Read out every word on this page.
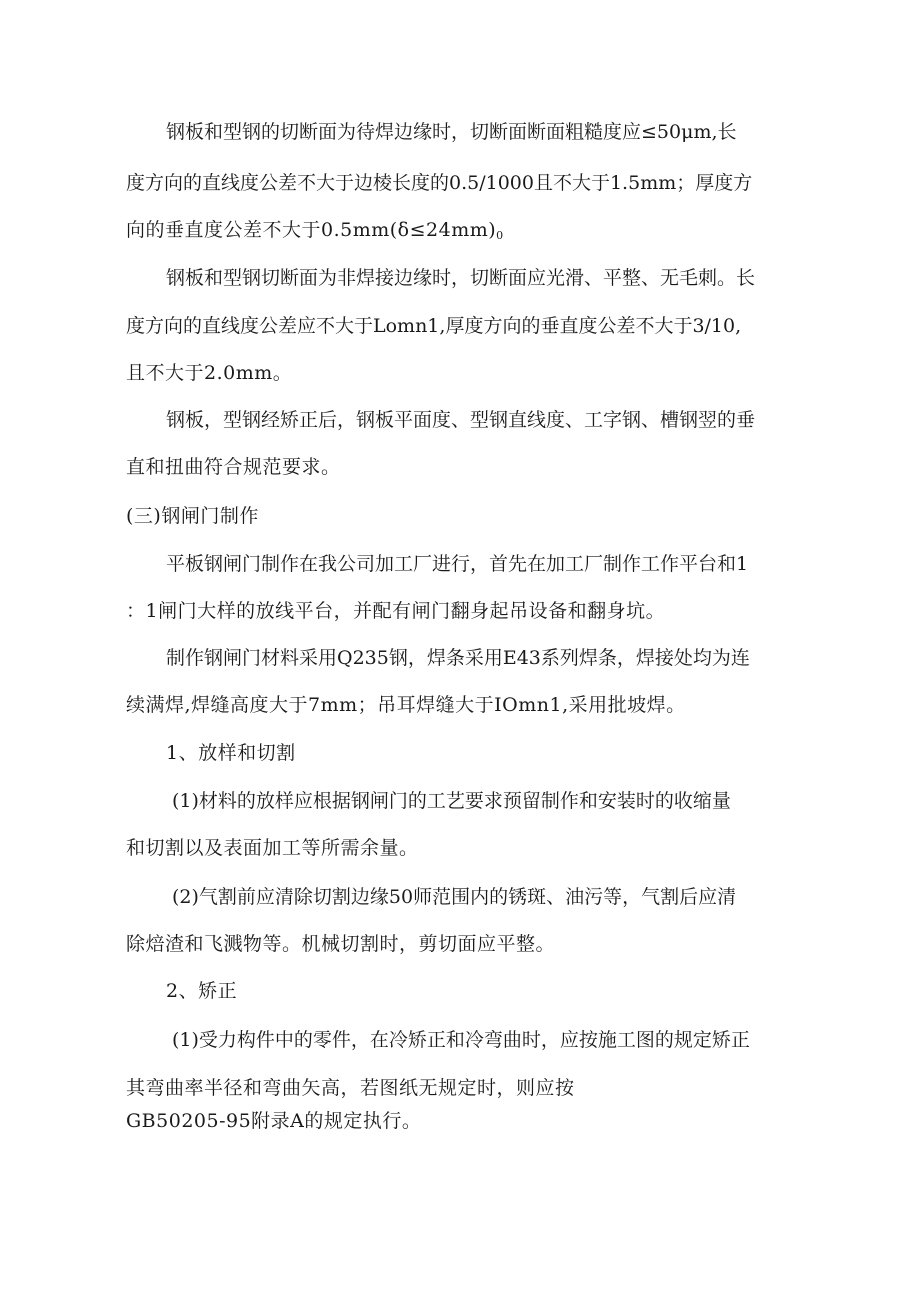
钢板和型钢的切断面为待焊边缘时，切断面断面粗糙度应≤50μm,长
度方向的直线度公差不大于边棱长度的0.5/1000且不大于1.5mm；厚度方
向的垂直度公差不大于0.5mm(δ≤24mm)0
钢板和型钢切断面为非焊接边缘时，切断面应光滑、平整、无毛刺。长
度方向的直线度公差应不大于Lomn1,厚度方向的垂直度公差不大于3/10,
且不大于2.0mm。
钢板，型钢经矫正后，钢板平面度、型钢直线度、工字钢、槽钢翌的垂
直和扭曲符合规范要求。
(三)钢闸门制作
平板钢闸门制作在我公司加工厂进行，首先在加工厂制作工作平台和1
：1闸门大样的放线平台，并配有闸门翻身起吊设备和翻身坑。
制作钢闸门材料采用Q235钢，焊条采用E43系列焊条，焊接处均为连
续满焊,焊缝高度大于7mm；吊耳焊缝大于IOmn1,采用批坡焊。
1、放样和切割
(1)材料的放样应根据钢闸门的工艺要求预留制作和安装时的收缩量
和切割以及表面加工等所需余量。
(2)气割前应清除切割边缘50师范围内的锈斑、油污等，气割后应清
除焙渣和飞溅物等。机械切割时，剪切面应平整。
2、矫正
(1)受力构件中的零件，在冷矫正和冷弯曲时，应按施工图的规定矫正
其弯曲率半径和弯曲矢高，若图纸无规定时，则应按
GB50205-95附录A的规定执行。
